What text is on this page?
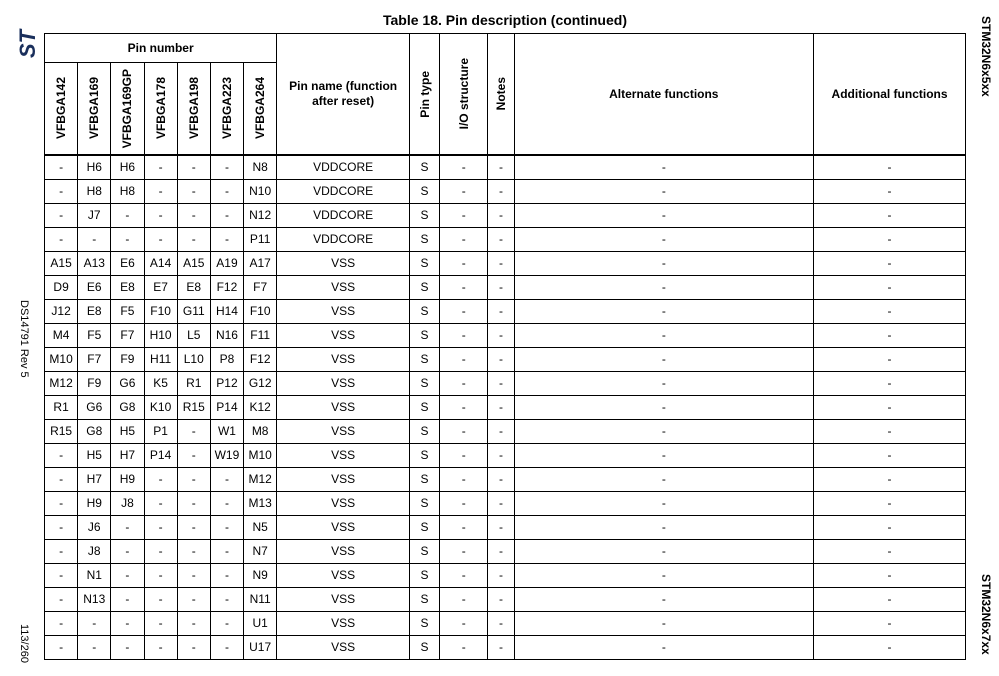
ST
Table 18. Pin description (continued)
DS14791 Rev 5
113/260
STM32N6x5xx
STM32N6x7xx
Pin number							Pin name (function after reset)	Pin type	I/O structure	Notes	Alternate functions	Additional functions

VFBGA142	VFBGA169	VFBGA169GP	VFBGA178	VFBGA198	VFBGA223	VFBGA264						

-	H6	H6	-	-	-	N8	VDDCORE	S	-	-	-	-
-	H8	H8	-	-	-	N10	VDDCORE	S	-	-	-	-
-	J7	-	-	-	-	N12	VDDCORE	S	-	-	-	-
-	-	-	-	-	-	P11	VDDCORE	S	-	-	-	-
A15	A13	E6	A14	A15	A19	A17	VSS	S	-	-	-	-
D9	E6	E8	E7	E8	F12	F7	VSS	S	-	-	-	-
J12	E8	F5	F10	G11	H14	F10	VSS	S	-	-	-	-
M4	F5	F7	H10	L5	N16	F11	VSS	S	-	-	-	-
M10	F7	F9	H11	L10	P8	F12	VSS	S	-	-	-	-
M12	F9	G6	K5	R1	P12	G12	VSS	S	-	-	-	-
R1	G6	G8	K10	R15	P14	K12	VSS	S	-	-	-	-
R15	G8	H5	P1	-	W1	M8	VSS	S	-	-	-	-
-	H5	H7	P14	-	W19	M10	VSS	S	-	-	-	-
-	H7	H9	-	-	-	M12	VSS	S	-	-	-	-
-	H9	J8	-	-	-	M13	VSS	S	-	-	-	-
-	J6	-	-	-	-	N5	VSS	S	-	-	-	-
-	J8	-	-	-	-	N7	VSS	S	-	-	-	-
-	N1	-	-	-	-	N9	VSS	S	-	-	-	-
-	N13	-	-	-	-	N11	VSS	S	-	-	-	-
-	-	-	-	-	-	U1	VSS	S	-	-	-	-
-	-	-	-	-	-	U17	VSS	S	-	-	-	-
